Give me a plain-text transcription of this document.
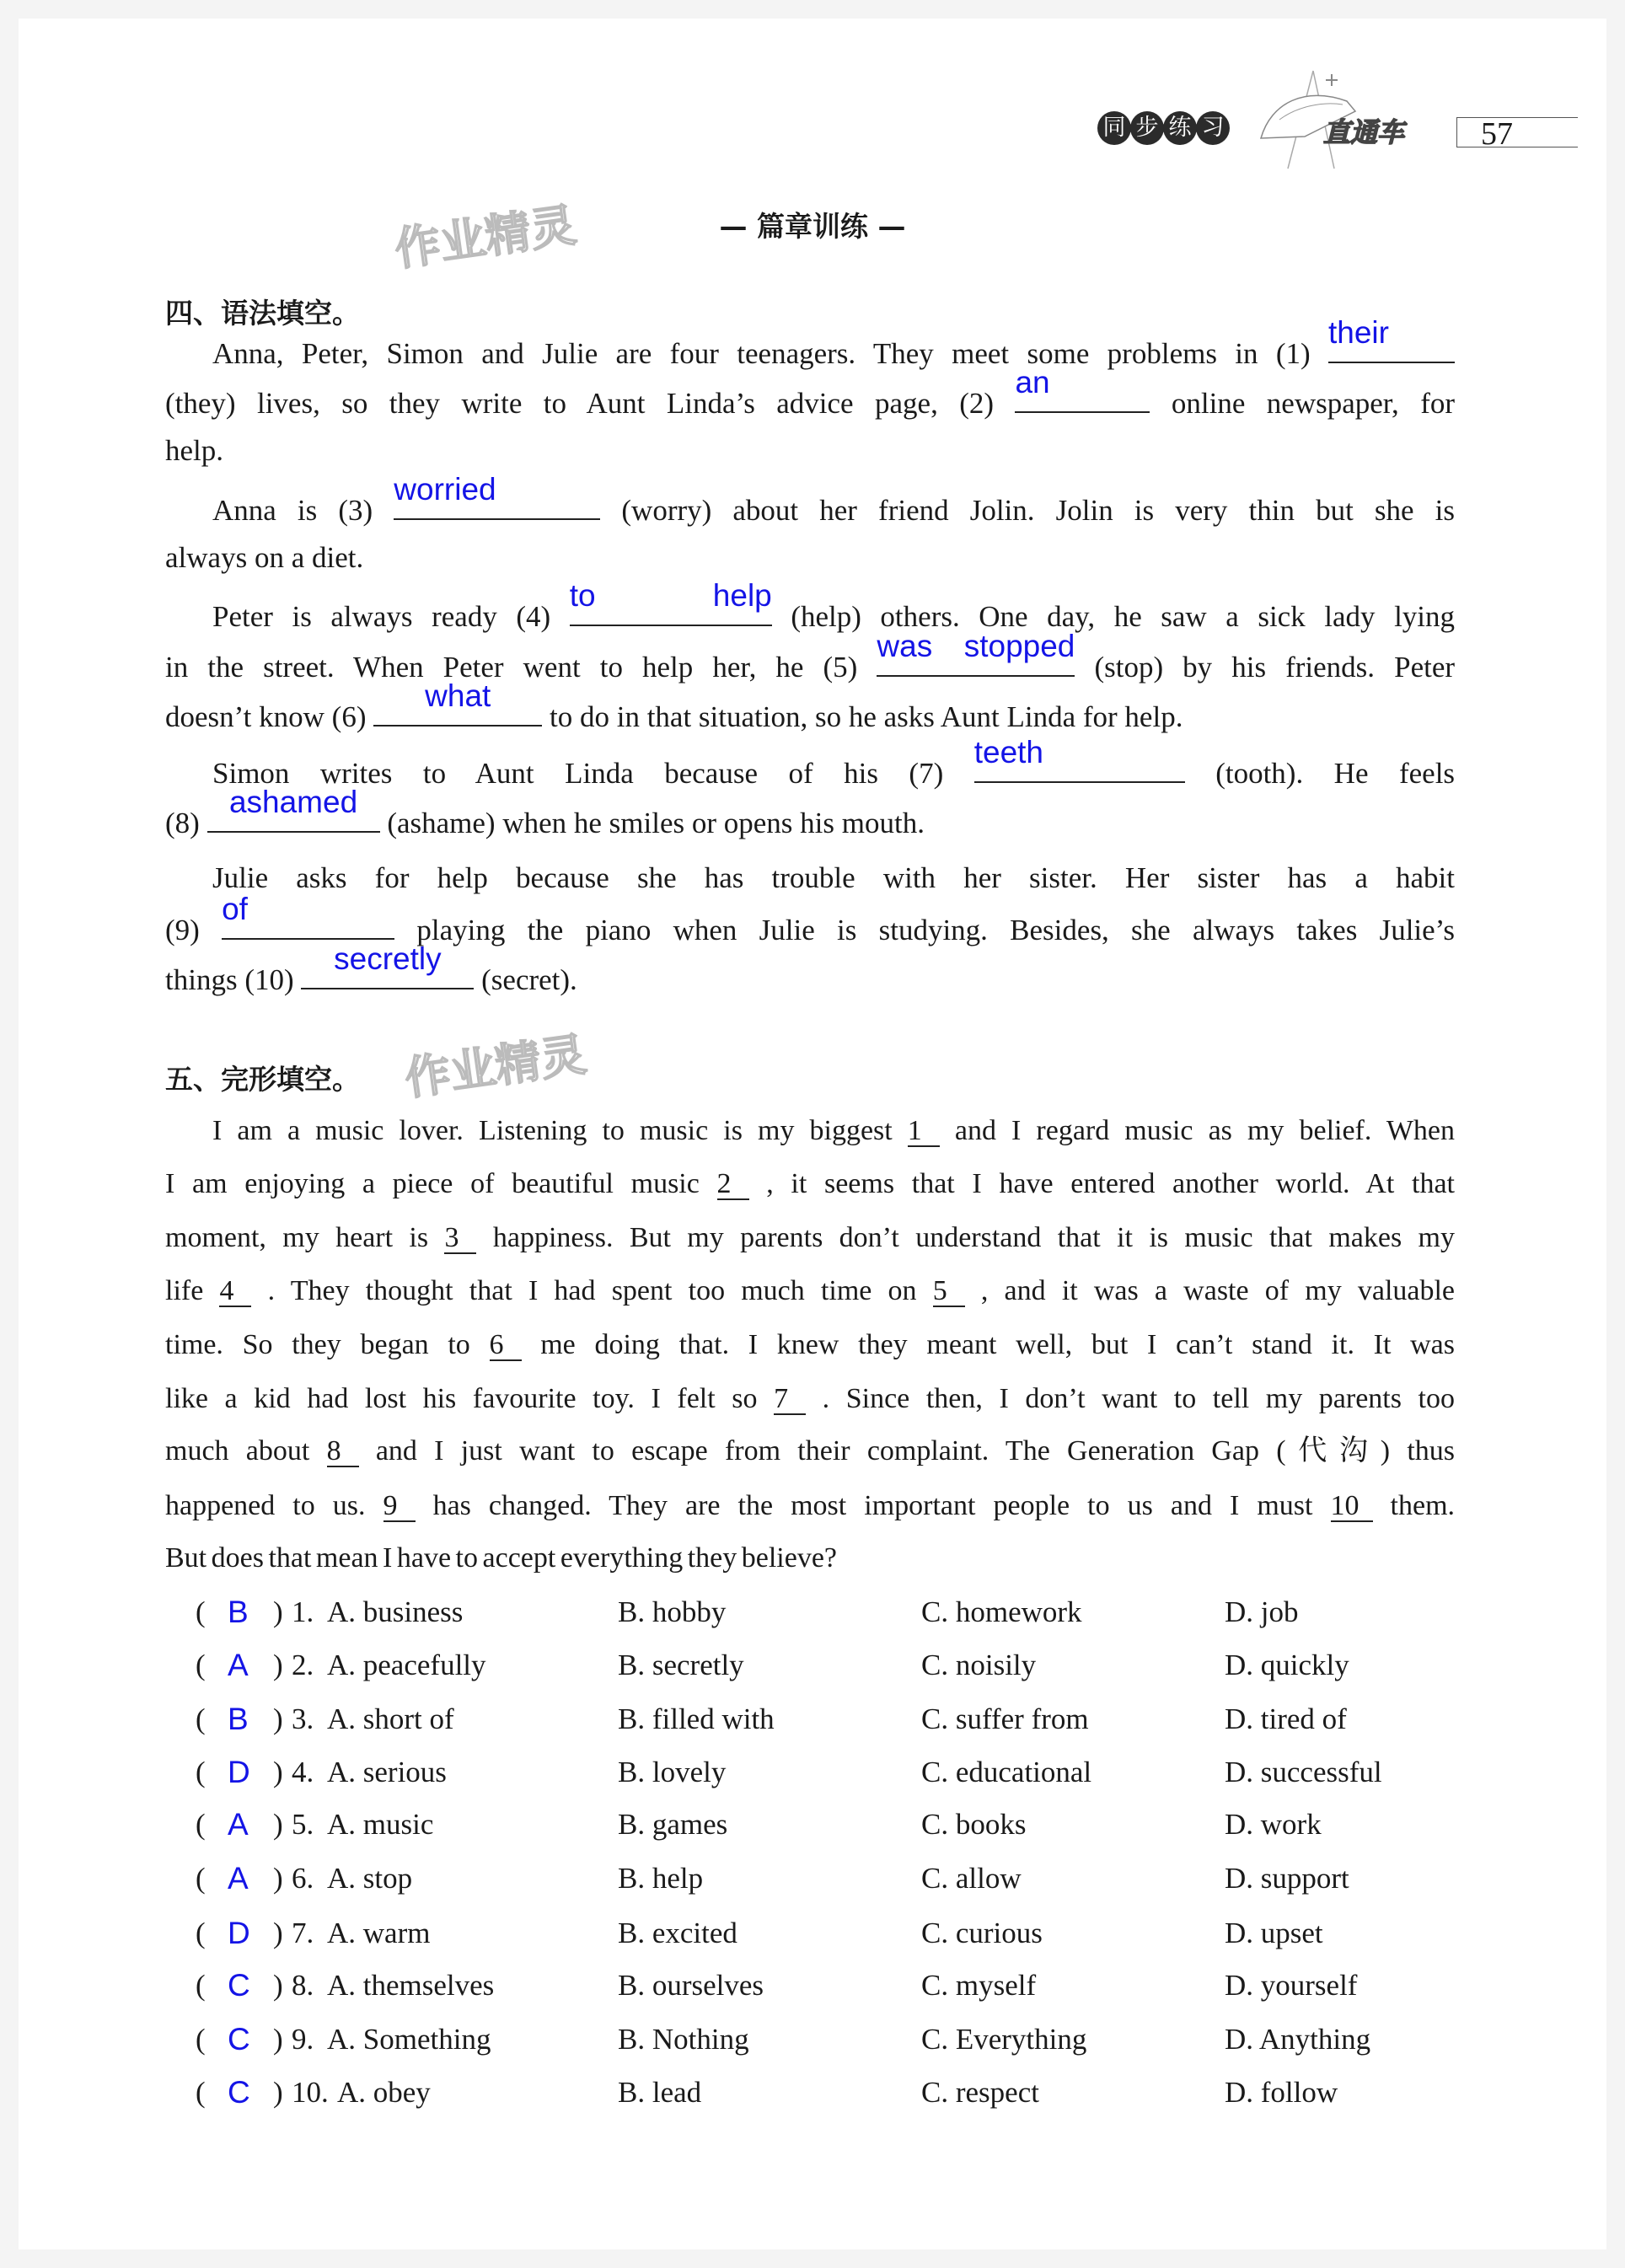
同 步 练 习	直通车	57
— 篇章训练 —
作业精灵
作业精灵
四、语法填空。
Anna, Peter, Simon and Julie are four teenagers. They meet some problems in (1)
their
(they) lives, so they write to Aunt Linda’s advice page, (2)
an
online newspaper, for
help.
Anna is (3)
worried
(worry) about her friend Jolin. Jolin is very thin but she is
always on a diet.
Peter is always ready (4)
to help
(help) others. One day, he saw a sick lady lying
in the street. When Peter went to help her, he (5)
was stopped
(stop) by his friends. Peter
doesn’t know (6)
what
to do in that situation, so he asks Aunt Linda for help.
Simon writes to Aunt Linda because of his (7)
teeth
(tooth). He feels
(8)
ashamed
(ashame) when he smiles or opens his mouth.
Julie asks for help because she has trouble with her sister. Her sister has a habit
(9)
of
playing the piano when Julie is studying. Besides, she always takes Julie’s
things (10)
secretly
(secret).
五、完形填空。
I am a music lover. Listening to music is my biggest 1 and I regard music as my belief. When
I am enjoying a piece of beautiful music 2 , it seems that I have entered another world. At that
moment, my heart is 3 happiness. But my parents don’t understand that it is music that makes my
life 4 . They thought that I had spent too much time on 5 , and it was a waste of my valuable
time. So they began to 6 me doing that. I knew they meant well, but I can’t stand it. It was
like a kid had lost his favourite toy. I felt so 7 . Since then, I don’t want to tell my parents too
much about 8 and I just want to escape from their complaint. The Generation Gap (代沟) thus
happened to us. 9 has changed. They are the most important people to us and I must 10 them.
But does that mean I have to accept everything they believe?
( B ) 1. A. business	B. hobby	C. homework	D. job
( A ) 2. A. peacefully	B. secretly	C. noisily	D. quickly
( B ) 3. A. short of	B. filled with	C. suffer from	D. tired of
( D ) 4. A. serious	B. lovely	C. educational	D. successful
( A ) 5. A. music	B. games	C. books	D. work
( A ) 6. A. stop	B. help	C. allow	D. support
( D ) 7. A. warm	B. excited	C. curious	D. upset
( C ) 8. A. themselves	B. ourselves	C. myself	D. yourself
( C ) 9. A. Something	B. Nothing	C. Everything	D. Anything
( C ) 10. A. obey	B. lead	C. respect	D. follow
